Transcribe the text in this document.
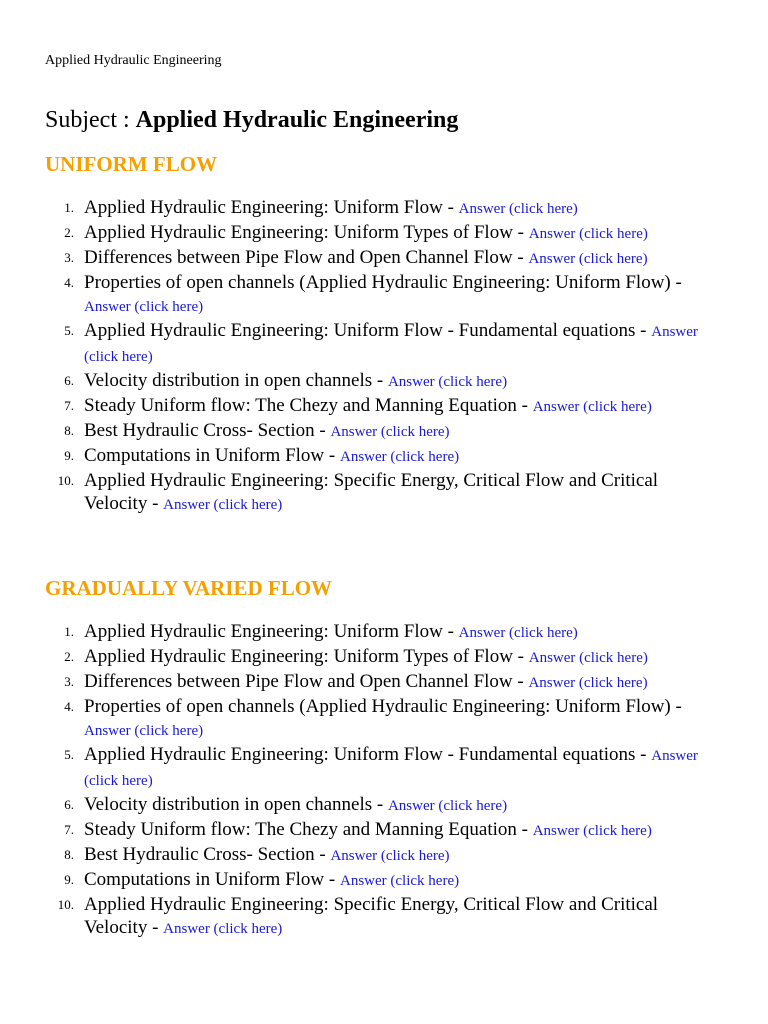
Applied Hydraulic Engineering
Subject : Applied Hydraulic Engineering
UNIFORM FLOW
1. Applied Hydraulic Engineering: Uniform Flow - Answer (click here)
2. Applied Hydraulic Engineering: Uniform Types of Flow - Answer (click here)
3. Differences between Pipe Flow and Open Channel Flow - Answer (click here)
4. Properties of open channels (Applied Hydraulic Engineering: Uniform Flow) - Answer (click here)
5. Applied Hydraulic Engineering: Uniform Flow - Fundamental equations - Answer (click here)
6. Velocity distribution in open channels - Answer (click here)
7. Steady Uniform flow: The Chezy and Manning Equation - Answer (click here)
8. Best Hydraulic Cross- Section - Answer (click here)
9. Computations in Uniform Flow - Answer (click here)
10. Applied Hydraulic Engineering: Specific Energy, Critical Flow and Critical Velocity - Answer (click here)
GRADUALLY VARIED FLOW
1. Applied Hydraulic Engineering: Uniform Flow - Answer (click here)
2. Applied Hydraulic Engineering: Uniform Types of Flow - Answer (click here)
3. Differences between Pipe Flow and Open Channel Flow - Answer (click here)
4. Properties of open channels (Applied Hydraulic Engineering: Uniform Flow) - Answer (click here)
5. Applied Hydraulic Engineering: Uniform Flow - Fundamental equations - Answer (click here)
6. Velocity distribution in open channels - Answer (click here)
7. Steady Uniform flow: The Chezy and Manning Equation - Answer (click here)
8. Best Hydraulic Cross- Section - Answer (click here)
9. Computations in Uniform Flow - Answer (click here)
10. Applied Hydraulic Engineering: Specific Energy, Critical Flow and Critical Velocity - Answer (click here)
